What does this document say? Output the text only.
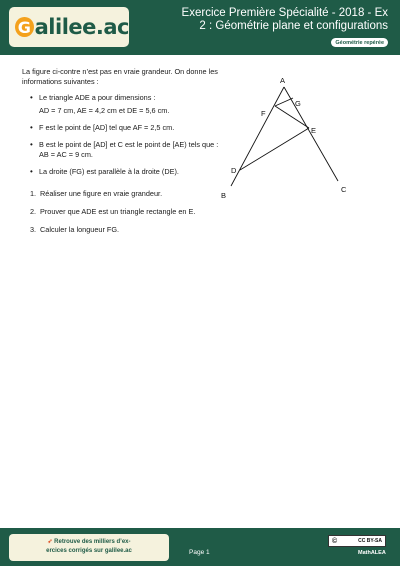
G alilee.ac
Exercice Première Spécialité - 2018 - Ex
2 : Géométrie plane et configurations
Géométrie repérée

La figure ci-contre n’est pas en vraie grandeur. On donne les informations suivantes :

• Le triangle ADE a pour dimensions :
AD = 7 cm, AE = 4,2 cm et DE = 5,6 cm.
• F est le point de [AD] tel que AF = 2,5 cm.
• B est le point de [AD] et C est le point de [AE) tels que : AB = AC = 9 cm.
• La droite (FG) est parallèle à la droite (DE).
1. Réaliser une figure en vraie grandeur.
2. Prouver que ADE est un triangle rectangle en E.
3. Calculer la longueur FG.
A
G
F
E
D
C
B
➶ Retrouve des milliers d’ex-
ercices corrigés sur galilee.ac	Page 1
©	CC BY-SA
MathALEA
